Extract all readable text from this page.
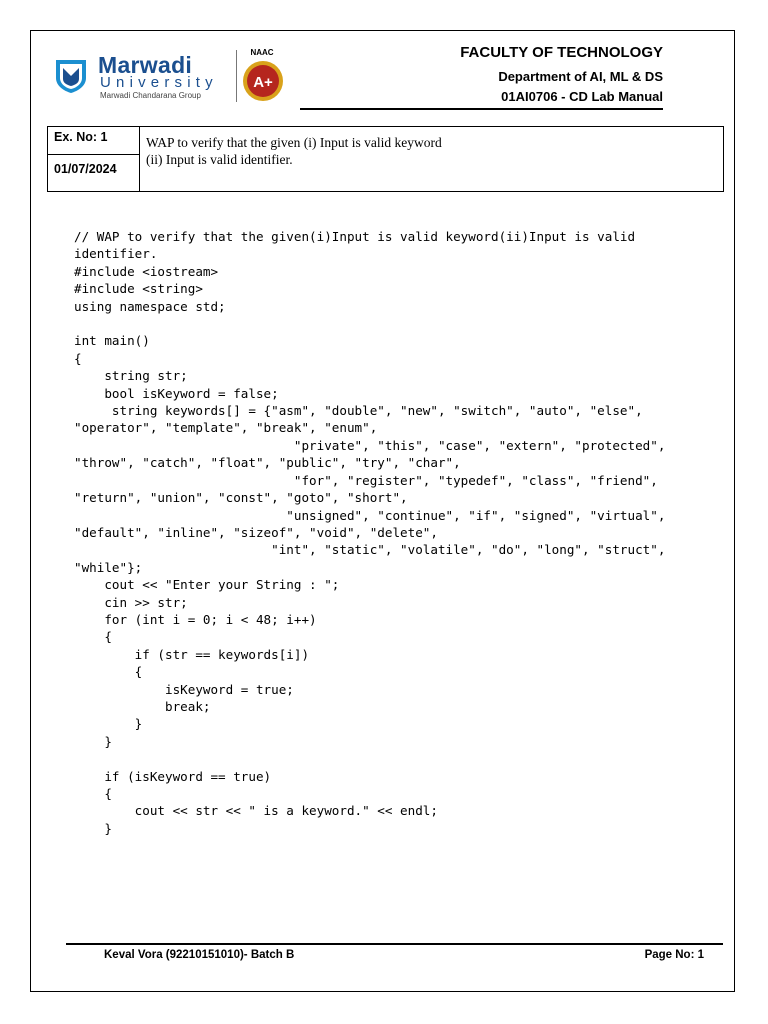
Marwadi
University
Marwadi Chandarana Group
NAAC
A+
FACULTY OF TECHNOLOGY
Department of AI, ML & DS
01AI0706 - CD Lab Manual
Ex. No: 1
01/07/2024
WAP to verify that the given (i) Input is valid keyword
(ii) Input is valid identifier.
// WAP to verify that the given(i)Input is valid keyword(ii)Input is valid
identifier.
#include <iostream>
#include <string>
using namespace std;

int main()
{
string str;
bool isKeyword = false;
string keywords[] = {"asm", "double", "new", "switch", "auto", "else",
"operator", "template", "break", "enum",
"private", "this", "case", "extern", "protected",
"throw", "catch", "float", "public", "try", "char",
"for", "register", "typedef", "class", "friend",
"return", "union", "const", "goto", "short",
"unsigned", "continue", "if", "signed", "virtual",
"default", "inline", "sizeof", "void", "delete",
"int", "static", "volatile", "do", "long", "struct",
"while"};
cout << "Enter your String : ";
cin >> str;
for (int i = 0; i < 48; i++)
{
if (str == keywords[i])
{
isKeyword = true;
break;
}
}

if (isKeyword == true)
{
cout << str << " is a keyword." << endl;
}
Keval Vora (92210151010)- Batch B	Page No: 1
